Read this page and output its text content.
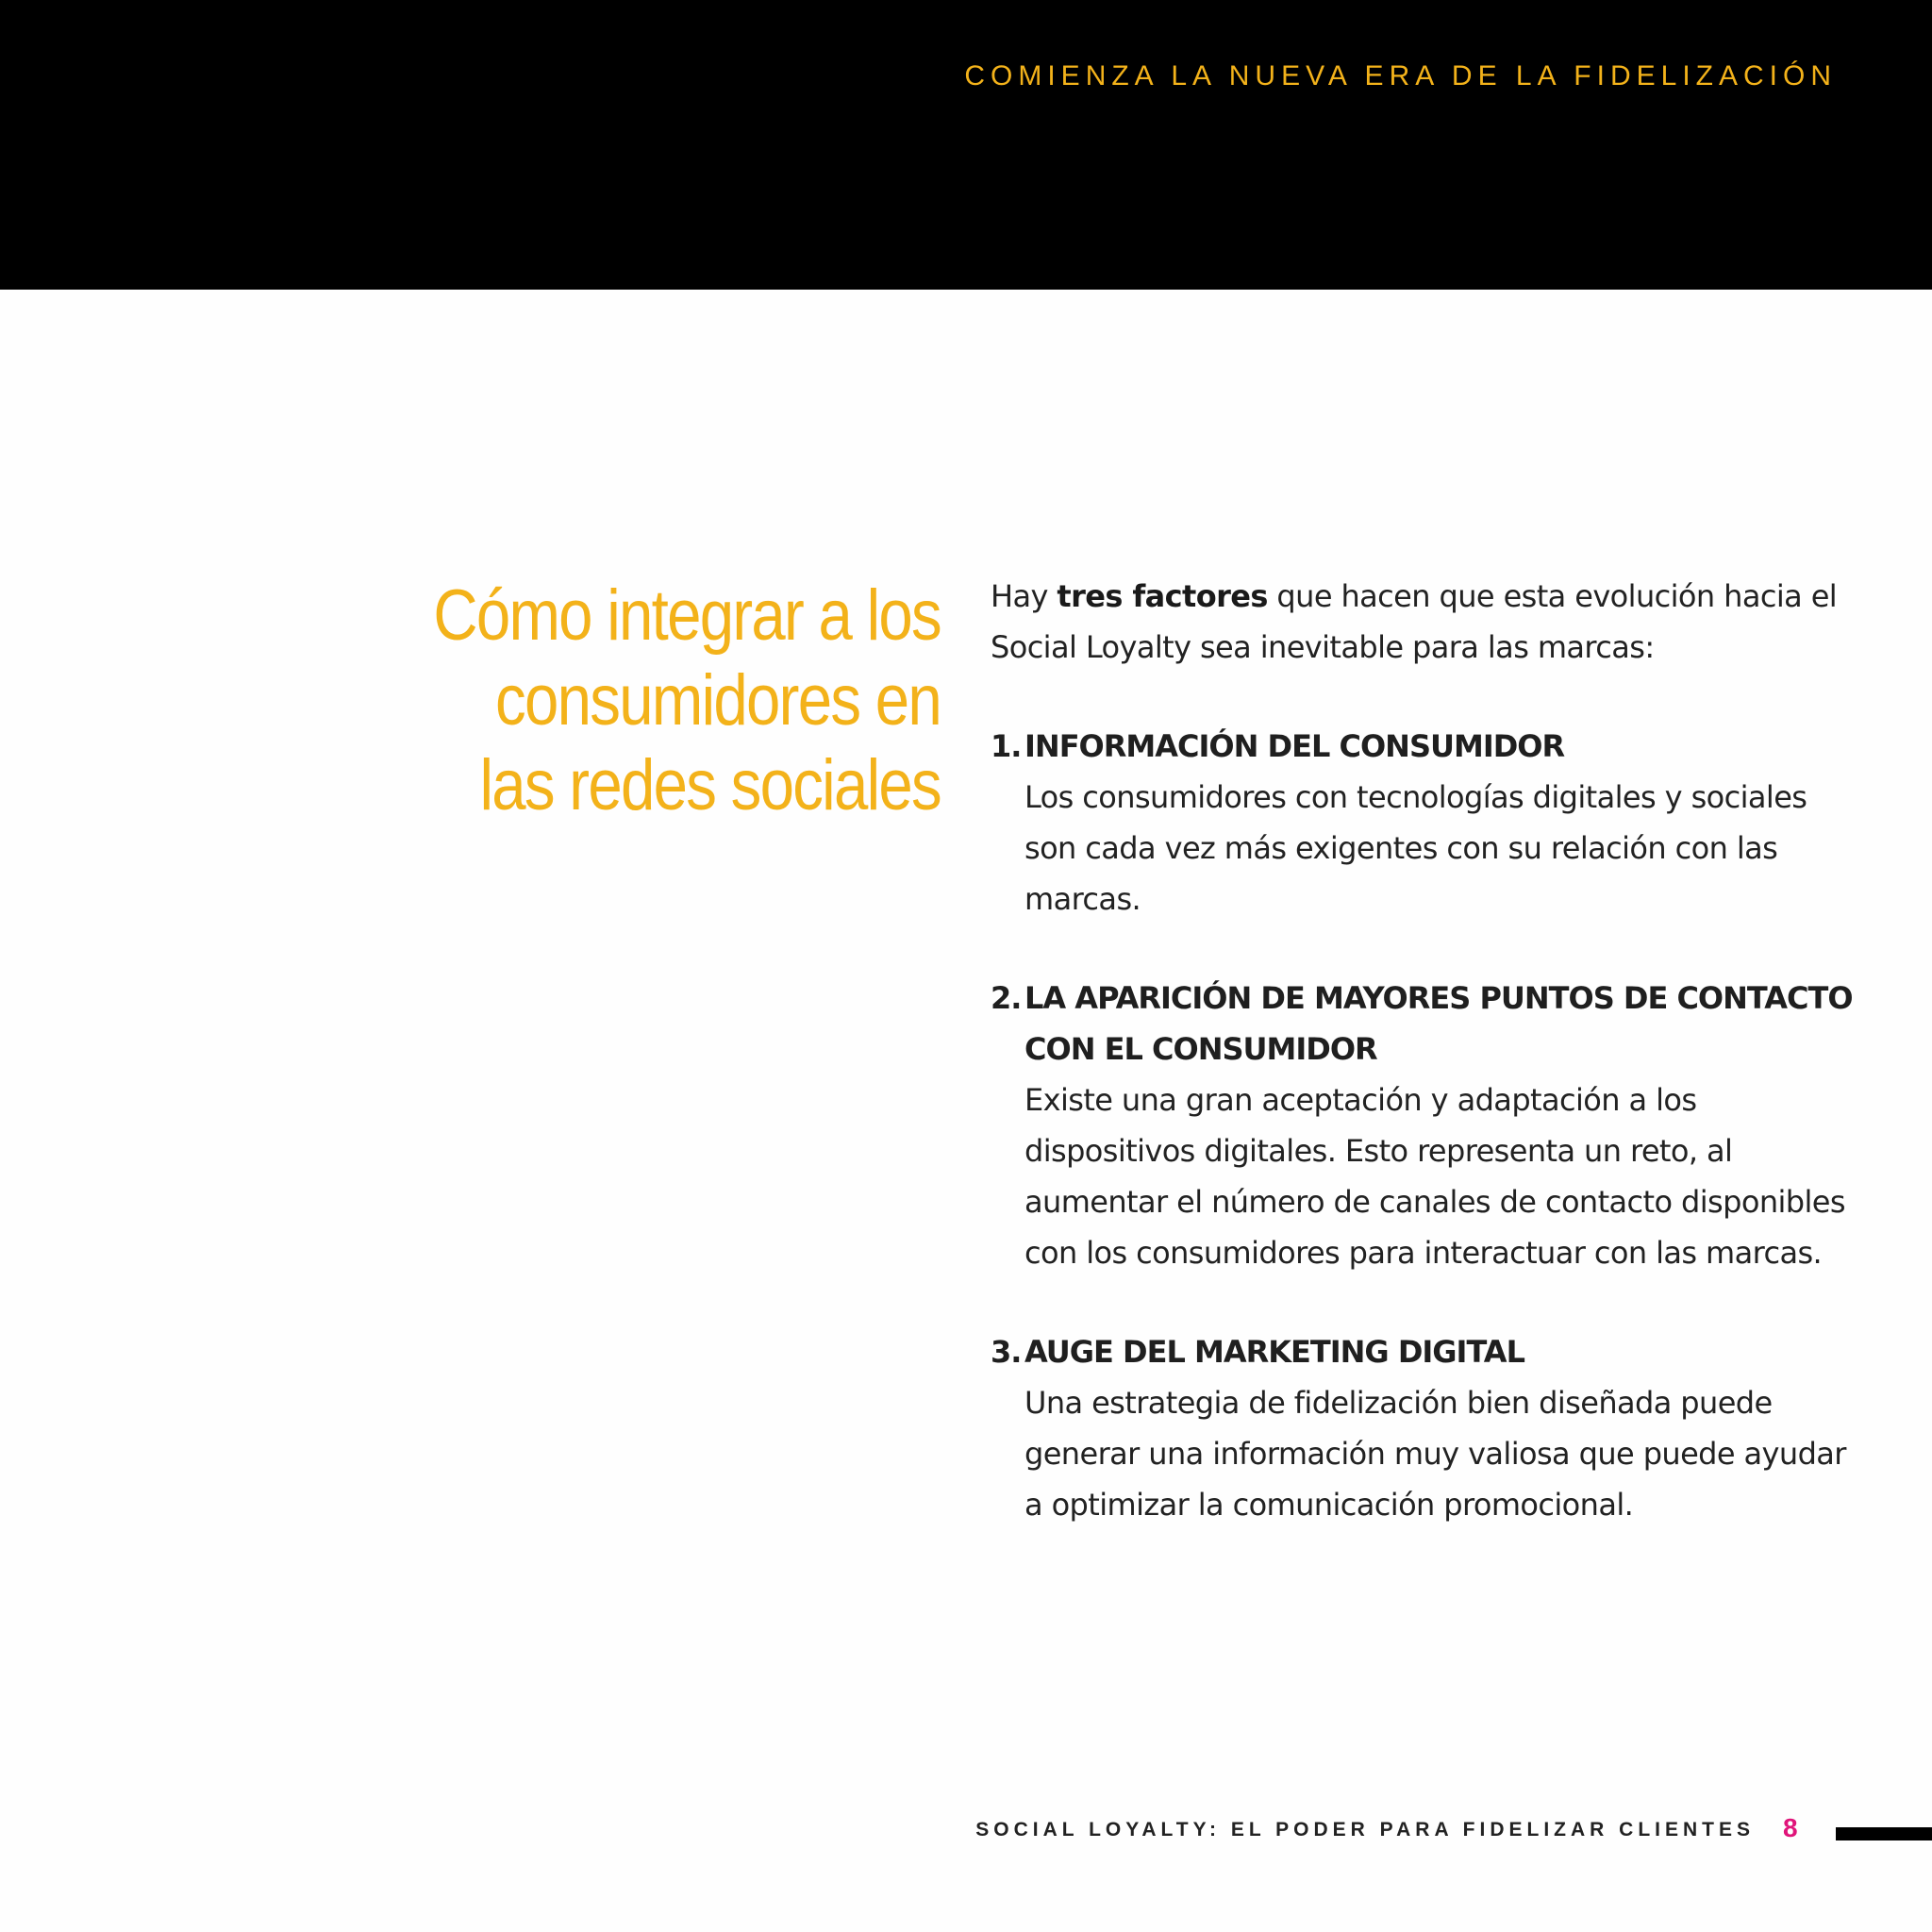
COMIENZA LA NUEVA ERA DE LA FIDELIZACIÓN
Cómo integrar a los
consumidores en
las redes sociales
Hay tres factores que hacen que esta evolución hacia el
Social Loyalty sea inevitable para las marcas:
1. INFORMACIÓN DEL CONSUMIDOR
Los consumidores con tecnologías digitales y sociales
son cada vez más exigentes con su relación con las
marcas.
2. LA APARICIÓN DE MAYORES PUNTOS DE CONTACTO
CON EL CONSUMIDOR
Existe una gran aceptación y adaptación a los
dispositivos digitales. Esto representa un reto, al
aumentar el número de canales de contacto disponibles
con los consumidores para interactuar con las marcas.
3. AUGE DEL MARKETING DIGITAL
Una estrategia de fidelización bien diseñada puede
generar una información muy valiosa que puede ayudar
a optimizar la comunicación promocional.
SOCIAL LOYALTY: EL PODER PARA FIDELIZAR CLIENTES 8
